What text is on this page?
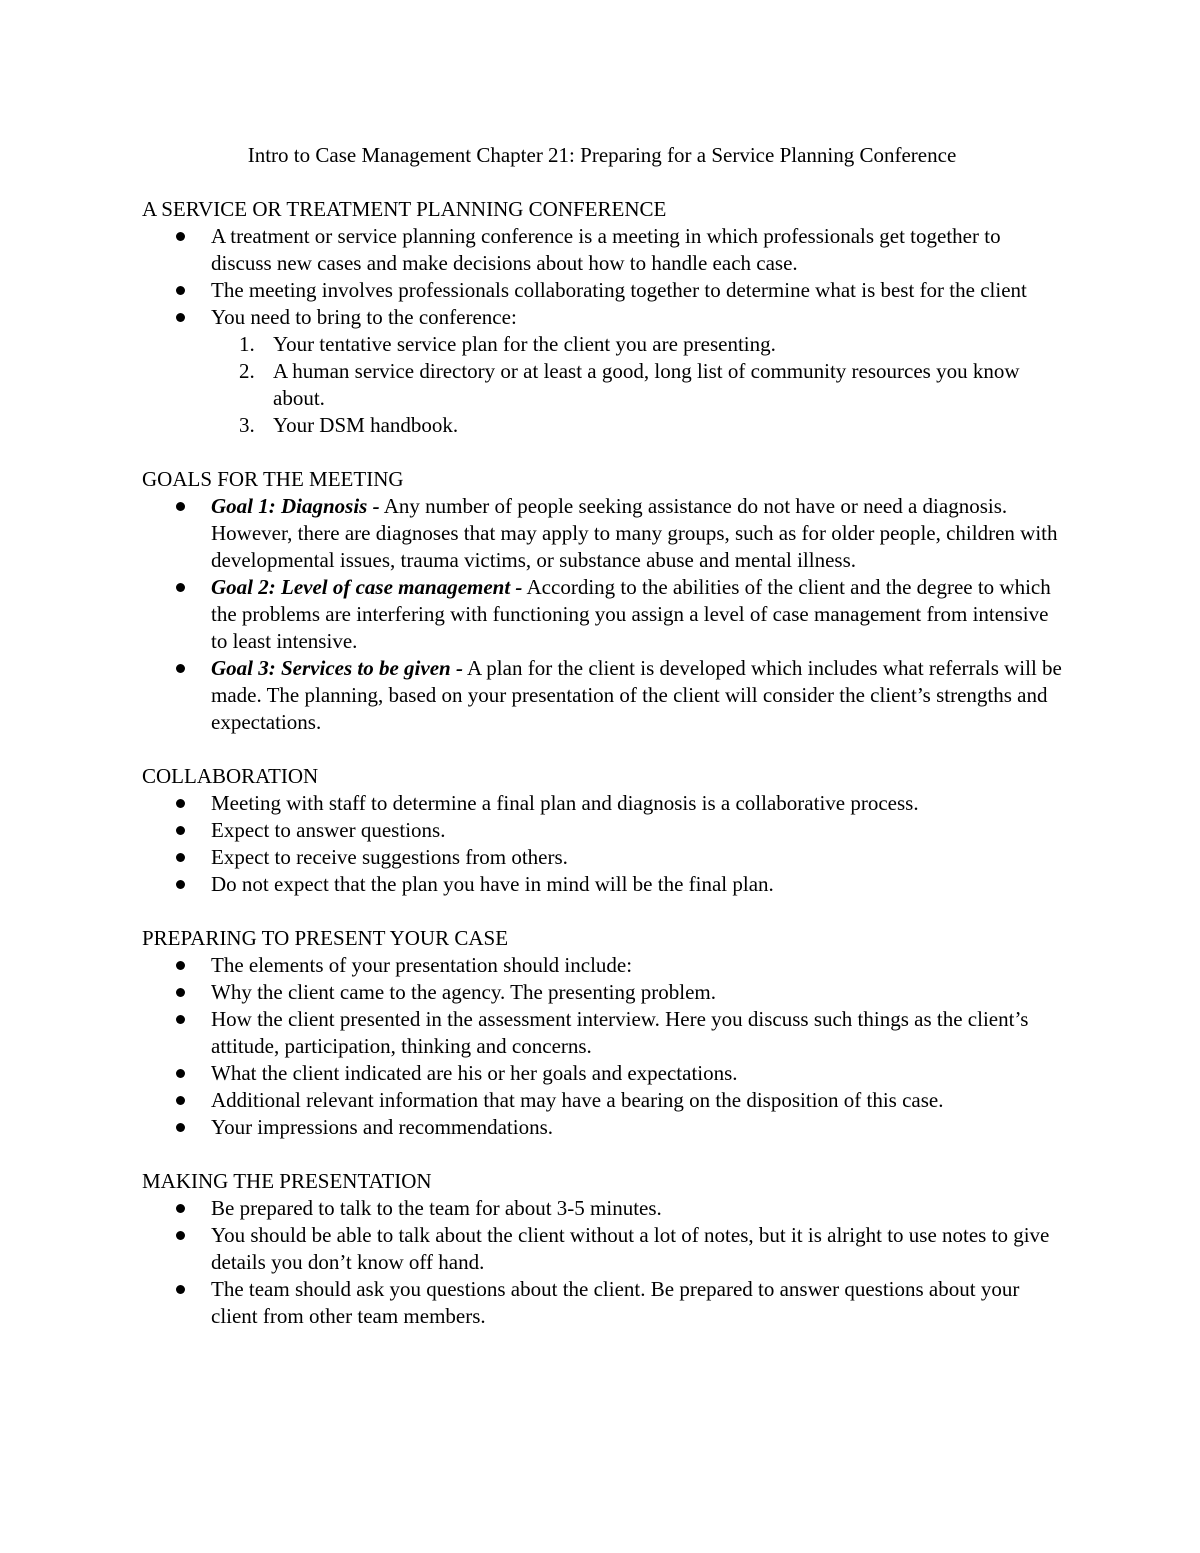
Intro to Case Management Chapter 21: Preparing for a Service Planning Conference
A SERVICE OR TREATMENT PLANNING CONFERENCE
A treatment or service planning conference is a meeting in which professionals get together to discuss new cases and make decisions about how to handle each case.
The meeting involves professionals collaborating together to determine what is best for the client
You need to bring to the conference:
1. Your tentative service plan for the client you are presenting.
2. A human service directory or at least a good, long list of community resources you know about.
3. Your DSM handbook.
GOALS FOR THE MEETING
Goal 1: Diagnosis - Any number of people seeking assistance do not have or need a diagnosis. However, there are diagnoses that may apply to many groups, such as for older people, children with developmental issues, trauma victims, or substance abuse and mental illness.
Goal 2: Level of case management - According to the abilities of the client and the degree to which the problems are interfering with functioning you assign a level of case management from intensive to least intensive.
Goal 3: Services to be given - A plan for the client is developed which includes what referrals will be made. The planning, based on your presentation of the client will consider the client’s strengths and expectations.
COLLABORATION
Meeting with staff to determine a final plan and diagnosis is a collaborative process.
Expect to answer questions.
Expect to receive suggestions from others.
Do not expect that the plan you have in mind will be the final plan.
PREPARING TO PRESENT YOUR CASE
The elements of your presentation should include:
Why the client came to the agency. The presenting problem.
How the client presented in the assessment interview. Here you discuss such things as the client’s attitude, participation, thinking and concerns.
What the client indicated are his or her goals and expectations.
Additional relevant information that may have a bearing on the disposition of this case.
Your impressions and recommendations.
MAKING THE PRESENTATION
Be prepared to talk to the team for about 3-5 minutes.
You should be able to talk about the client without a lot of notes, but it is alright to use notes to give details you don’t know off hand.
The team should ask you questions about the client. Be prepared to answer questions about your client from other team members.
